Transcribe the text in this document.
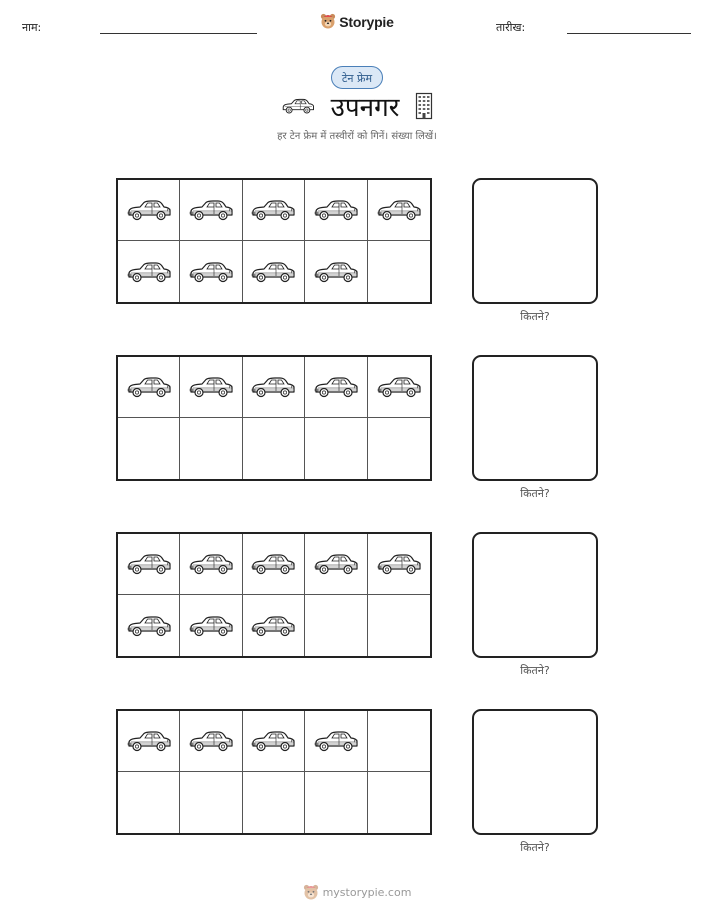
नाम:	Storypie	तारीख:
टेन फ्रेम
उपनगर
हर टेन फ्रेम में तस्वीरों को गिनें। संख्या लिखें।
कितने?
कितने?
कितने?
कितने?
mystorypie.com
